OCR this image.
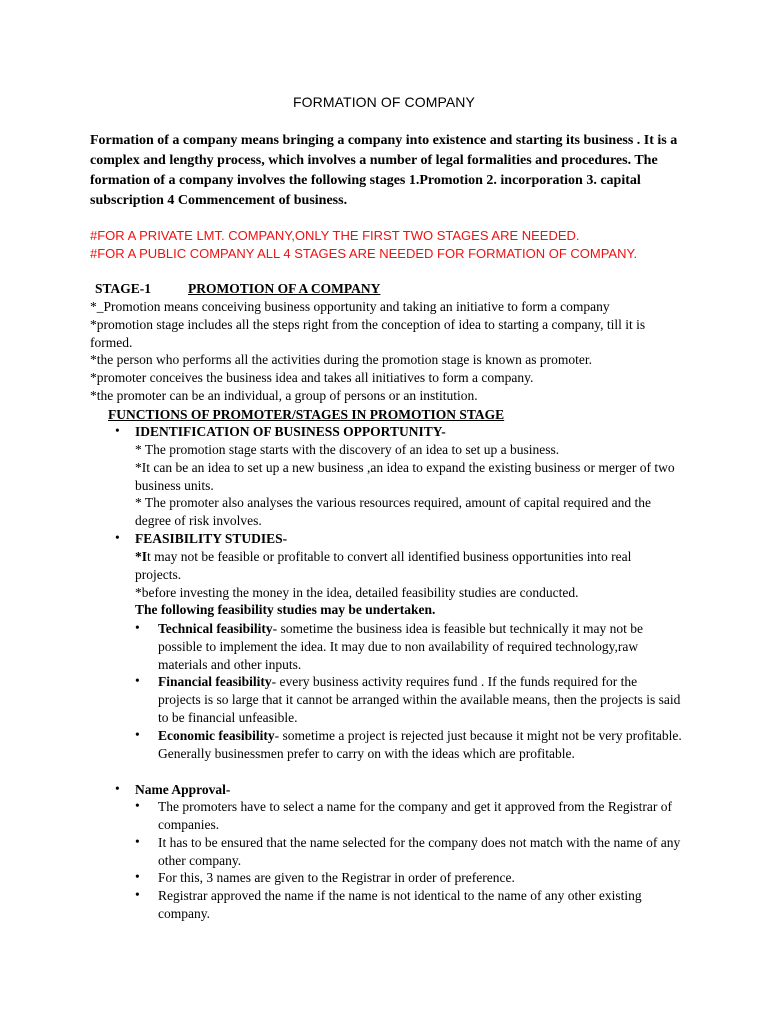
FORMATION OF COMPANY
Formation of a company means bringing a company into existence and starting its business . It is a complex and lengthy process, which involves a number of legal formalities and procedures. The formation of a company involves the following stages 1.Promotion 2. incorporation 3. capital subscription 4 Commencement of business.
#FOR A PRIVATE LMT. COMPANY,ONLY THE FIRST TWO STAGES ARE NEEDED.
#FOR A PUBLIC COMPANY ALL 4 STAGES ARE NEEDED FOR FORMATION OF COMPANY.
STAGE-1	PROMOTION OF A COMPANY
*_Promotion means conceiving business opportunity and taking an initiative to form a company
*promotion stage includes all the steps right from the conception of idea to starting a company, till it is formed.
*the person who performs all the activities during the promotion stage is known as promoter.
*promoter conceives the business idea and takes all initiatives to form a company.
*the promoter can be an individual, a group of persons or an institution.
FUNCTIONS OF PROMOTER/STAGES IN PROMOTION STAGE
• IDENTIFICATION OF BUSINESS OPPORTUNITY-
* The promotion stage starts with the discovery of an idea to set up a business.
*It can be an idea to set up a new business ,an idea to expand the existing business or merger of two business units.
* The promoter also analyses the various resources required, amount of capital required and the degree of risk involves.
• FEASIBILITY STUDIES-
*It may not be feasible or profitable to convert all identified business opportunities into real projects.
*before investing the money in the idea, detailed feasibility studies are conducted.
The following feasibility studies may be undertaken.
• Technical feasibility- sometime the business idea is feasible but technically it may not be possible to implement the idea. It may due to non availability of required technology,raw materials and other inputs.
• Financial feasibility- every business activity requires fund . If the funds required for the projects is so large that it cannot be arranged within the available means, then the projects is said to be financial unfeasible.
• Economic feasibility- sometime a project is rejected just because it might not be very profitable. Generally businessmen prefer to carry on with the ideas which are profitable.
• Name Approval-
• The promoters have to select a name for the company and get it approved from the Registrar of companies.
• It has to be ensured that the name selected for the company does not match with the name of any other company.
• For this, 3 names are given to the Registrar in order of preference.
• Registrar approved the name if the name is not identical to the name of any other existing company.
